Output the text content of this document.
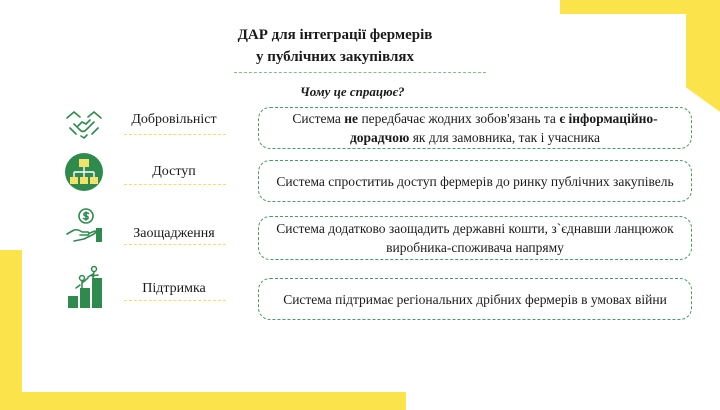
ДАР для інтеграції фермерів
у публічних закупівлях
Чому це спрацює?
Добровільніст	Система не передбачає жодних зобов'язань та є інформаційно-дорадчою як для замовника, так і учасника
Доступ
Система спроститиь доступ фермерів до ринку публічних закупівель
Заощадження	Система додатково заощадить державні кошти, з`єднавши ланцюжок виробника-споживача напряму
Підтримка
Система підтримає регіональних дрібних фермерів в умовах війни
